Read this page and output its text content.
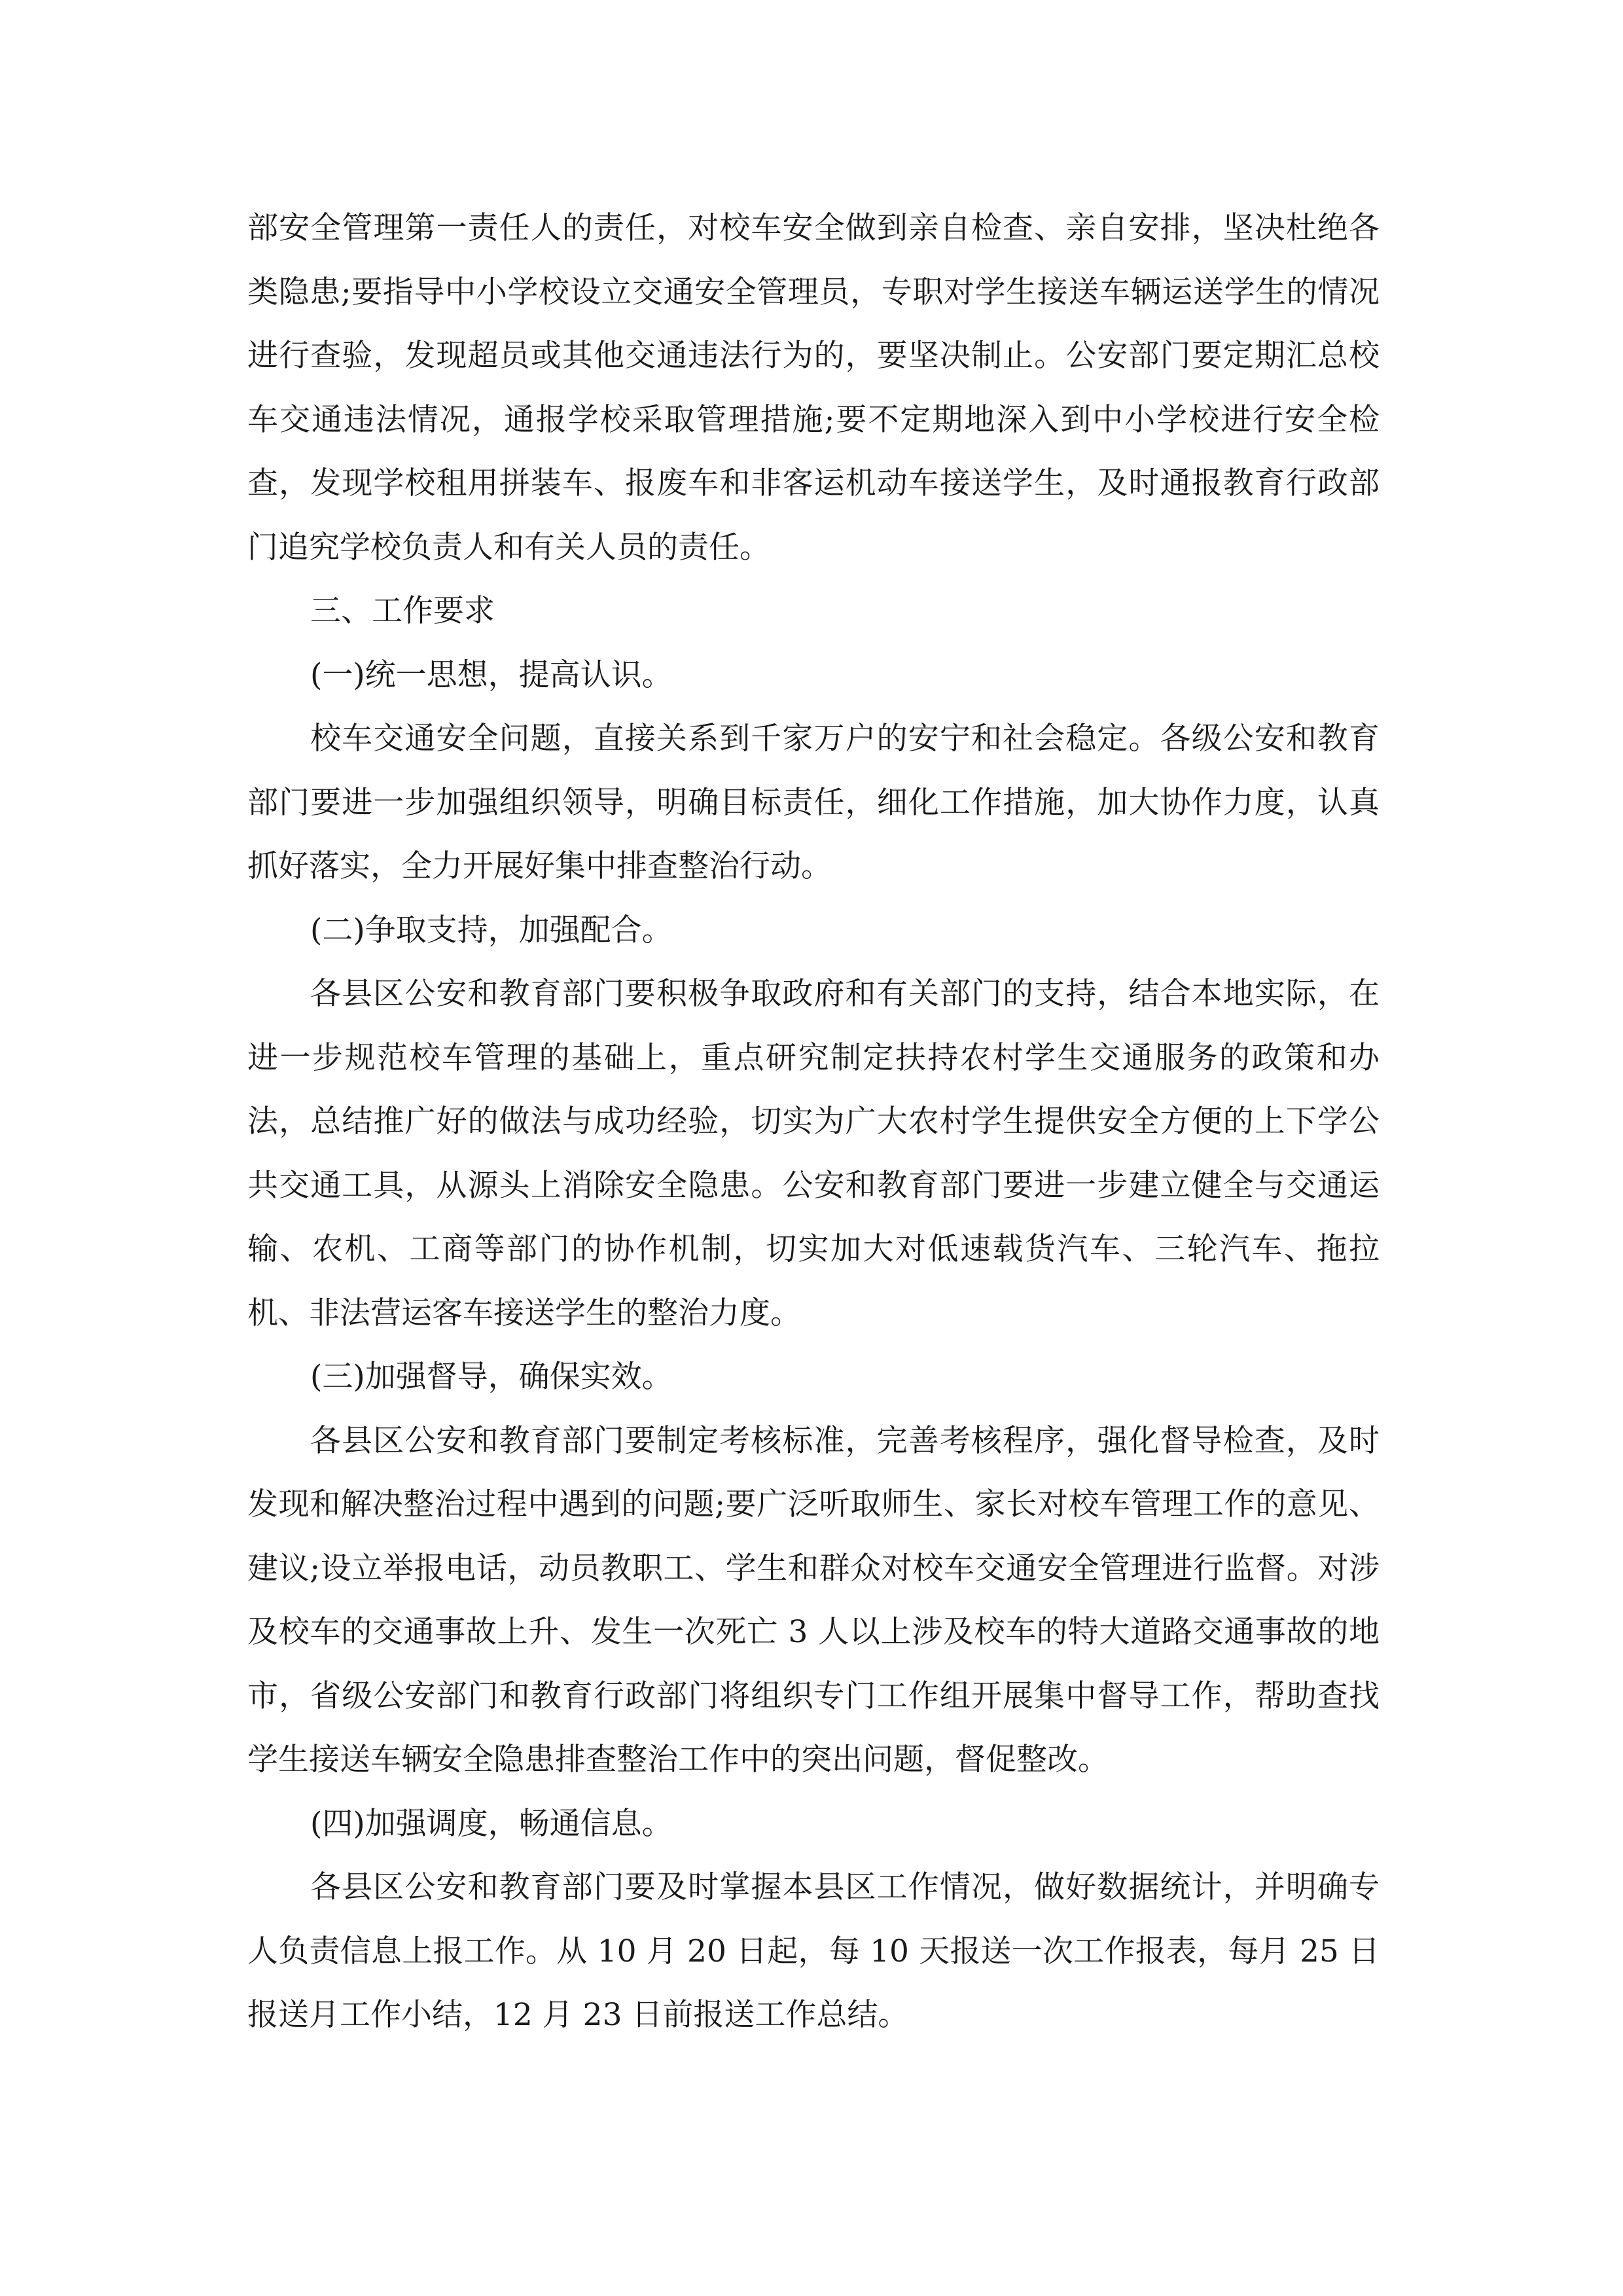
部安全管理第一责任人的责任，对校车安全做到亲自检查、亲自安排，坚决杜绝各类隐患;要指导中小学校设立交通安全管理员，专职对学生接送车辆运送学生的情况进行查验，发现超员或其他交通违法行为的，要坚决制止。公安部门要定期汇总校车交通违法情况，通报学校采取管理措施;要不定期地深入到中小学校进行安全检查，发现学校租用拼装车、报废车和非客运机动车接送学生，及时通报教育行政部门追究学校负责人和有关人员的责任。

三、工作要求

(一)统一思想，提高认识。

校车交通安全问题，直接关系到千家万户的安宁和社会稳定。各级公安和教育部门要进一步加强组织领导，明确目标责任，细化工作措施，加大协作力度，认真抓好落实，全力开展好集中排查整治行动。

(二)争取支持，加强配合。

各县区公安和教育部门要积极争取政府和有关部门的支持，结合本地实际，在进一步规范校车管理的基础上，重点研究制定扶持农村学生交通服务的政策和办法，总结推广好的做法与成功经验，切实为广大农村学生提供安全方便的上下学公共交通工具，从源头上消除安全隐患。公安和教育部门要进一步建立健全与交通运输、农机、工商等部门的协作机制，切实加大对低速载货汽车、三轮汽车、拖拉机、非法营运客车接送学生的整治力度。

(三)加强督导，确保实效。

各县区公安和教育部门要制定考核标准，完善考核程序，强化督导检查，及时发现和解决整治过程中遇到的问题;要广泛听取师生、家长对校车管理工作的意见、建议;设立举报电话，动员教职工、学生和群众对校车交通安全管理进行监督。对涉及校车的交通事故上升、发生一次死亡 3 人以上涉及校车的特大道路交通事故的地市，省级公安部门和教育行政部门将组织专门工作组开展集中督导工作，帮助查找学生接送车辆安全隐患排查整治工作中的突出问题，督促整改。

(四)加强调度，畅通信息。

各县区公安和教育部门要及时掌握本县区工作情况，做好数据统计，并明确专人负责信息上报工作。从 10 月 20 日起，每 10 天报送一次工作报表，每月 25 日报送月工作小结，12 月 23 日前报送工作总结。
